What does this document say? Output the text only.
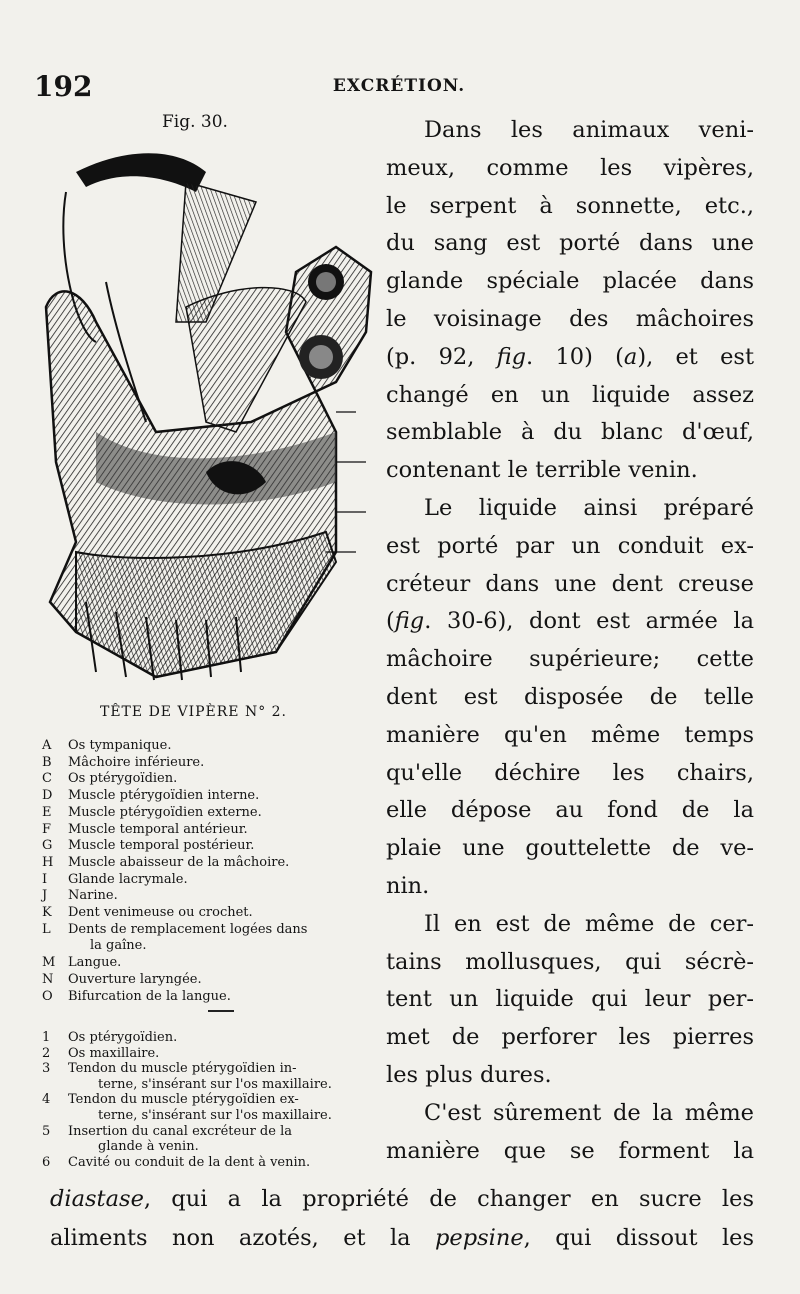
192	EXCRÉTION.
Fig. 30.
TÊTE DE VIPÈRE N° 2.
A	Os tympanique.
B	Mâchoire inférieure.
C	Os ptérygoïdien.
D	Muscle ptérygoïdien interne.
E	Muscle ptérygoïdien externe.
F	Muscle temporal antérieur.
G	Muscle temporal postérieur.
H	Muscle abaisseur de la mâchoire.
I	Glande lacrymale.
J	Narine.
K	Dent venimeuse ou crochet.
L	Dents de remplacement logées dans
la gaîne.
M Langue.
N	Ouverture laryngée.
O	Bifurcation de la langue.
1	Os ptérygoïdien.
2	Os maxillaire.
3	Tendon du muscle ptérygoïdien in-
terne, s'insérant sur l'os maxillaire.
4	Tendon du muscle ptérygoïdien ex-
terne, s'insérant sur l'os maxillaire.
5	Insertion du canal excréteur de la
glande à venin.
6	Cavité ou conduit de la dent à venin.
Dans les animaux veni-
meux, comme les vipères,
le serpent à sonnette, etc.,
du sang est porté dans une
glande spéciale placée dans
le voisinage des mâchoires
(p. 92, fig. 10) (a), et est
changé en un liquide assez
semblable à du blanc d'œuf,
contenant le terrible venin.
Le liquide ainsi préparé
est porté par un conduit ex-
créteur dans une dent creuse
(fig. 30-6), dont est armée la
mâchoire supérieure; cette
dent est disposée de telle
manière qu'en même temps
qu'elle déchire les chairs,
elle dépose au fond de la
plaie une gouttelette de ve-
nin.
Il en est de même de cer-
tains mollusques, qui sécrè-
tent un liquide qui leur per-
met de perforer les pierres
les plus dures.
C'est sûrement de la même
manière que se forment la
diastase, qui a la propriété de changer en sucre les
aliments non azotés, et la pepsine, qui dissout les
